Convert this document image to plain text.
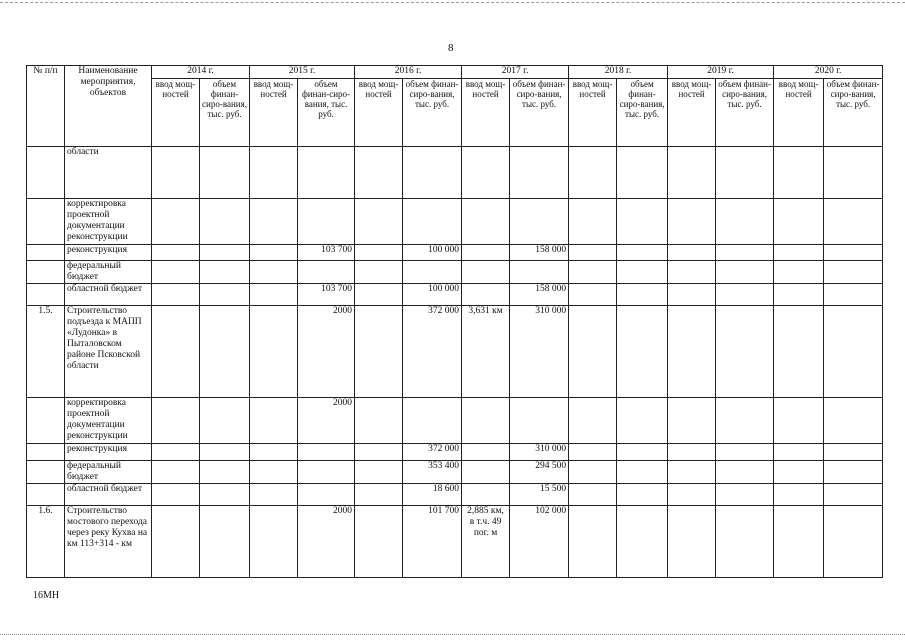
8
№ п/п	Наименование мероприятия, объектов	2014 г.		2015 г.		2016 г.		2017 г.		2018 г.		2019 г.		2020 г.	
		ввод мощ-ностей	объем финан-сиро-вания, тыс. руб.	ввод мощ-ностей	объем финан-сиро-вания, тыс. руб.	ввод мощ-ностей	объем финан-сиро-вания, тыс. руб.	ввод мощ-ностей	объем финан-сиро-вания, тыс. руб.	ввод мощ-ностей	объем финан-сиро-вания, тыс. руб.	ввод мощ-ностей	объем финан-сиро-вания, тыс. руб.	ввод мощ-ностей	объем финан-сиро-вания, тыс. руб.
	области														
	корректировка проектной документации реконструкции														
	реконструкция				103 700		100 000		158 000						
	федеральный бюджет														
	областной бюджет				103 700		100 000		158 000						
1.5.	Строительство подъезда к МАПП «Лудонка» в Пыталовском районе Псковской области				2000		372 000	3,631 км	310 000						
	корректировка проектной документации реконструкции				2000										
	реконструкция						372 000		310 000						
	федеральный бюджет						353 400		294 500						
	областной бюджет						18 600		15 500						
1.6.	Строительство мостового перехода через реку Кухва на км 113+314 - км				2000		101 700	2,885 км, в т.ч. 49 пог. м	102 000						
16МН
